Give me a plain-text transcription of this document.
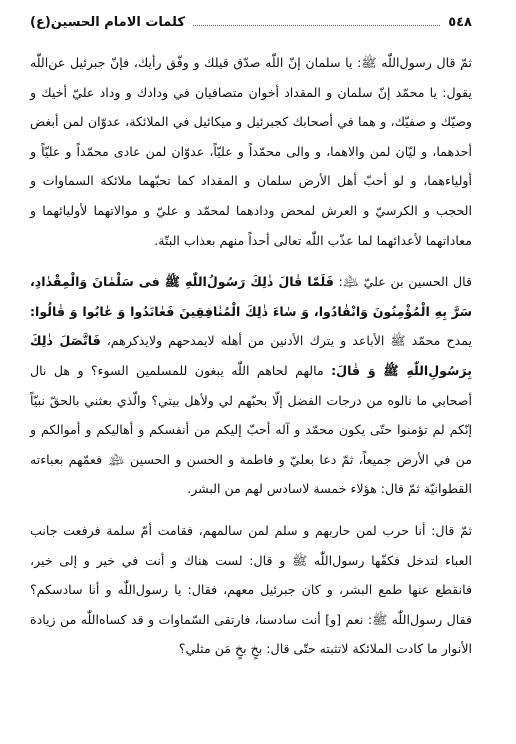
٥٤٨
كلمات الامام الحسين(ع)

ثمّ قال رسول‌اللّٰه ﷺ: يا سلمان إنّ اللّٰه صدّق قيلك و وفّق رأيك، فإنّ جبرئيل عن‌اللّٰه يقول: يا محمّد إنّ سلمان و المقداد أخوان متصافيان في ودادك و وداد عليّ أخيك و وصيّك و صفيّك، و هما في أصحابك كجبرئيل و ميكائيل في الملائكة، عدوّان لمن أبغض أحدهما، و ليّان لمن والاهما، و والى محمّداً و عليّاً، عدوّان لمن عادى محمّداً و عليّاً و أولياءهما، و لو أحبّ أهل الأرض سلمان و المقداد كما تحبّهما ملائكة السماوات و الحجب و الكرسيّ و العرش لمحض ودادهما لمحمّد و عليّ و موالاتهما لأوليائهما و معاداتهما لأعدائهما لما عذّب اللّٰه تعالى أحداً منهم بعذاب البتّة.

قال الحسين بن عليّ ﵇: فَلَمّٰا قٰالَ ذٰلِكَ رَسُولُ‌اللّٰهِ ﷺ فى سَلْمٰانَ وَالْمِقْدٰادِ، سَرَّ بِهِ الْمُؤْمِنُونَ وَانْقٰادُوا، وَ سٰاءَ ذٰلِكَ الْمُنٰافِقِينَ فَعٰانَدُوا وَ عٰابُوا وَ قٰالُوا: يمدح محمّد ﷺ الأباعد و يترك الأدنين من أهله لايمدحهم ولايذكرهم، فَاتَّصَلَ ذٰلِكَ بِرَسُولِ‌اللّٰهِ ﷺ وَ قٰالَ: مالهم لحاهم اللّٰه يبغون للمسلمين السوء؟ و هل نال أصحابي ما نالوه من درجات الفضل إلّا بحبّهم لي ولأهل بيتي؟ والّذي بعثني بالحقّ نبيّاً إنّكم لم تؤمنوا حتّى يكون محمّد و آله أحبّ إليكم من أنفسكم و أهاليكم و أموالكم و من في الأرض جميعاً، ثمّ دعا بعليّ و فاطمة و الحسن و الحسين ﵈ فعمّهم بعباءته القطوانيّة ثمّ قال: هؤلاء خمسة لاسادس لهم من البشر.

ثمّ قال: أنا حرب لمن حاربهم و سلم لمن سالمهم، فقامت أمّ سلمة فرفعت جانب العباء لتدخل فكفّها رسول‌اللّٰه ﷺ و قال: لست هناك و أنت في خير و إلى خير، فانقطع عنها طمع البشر، و كان جبرئيل معهم، فقال: يا رسول‌اللّٰه و أنا سادسكم؟ فقال رسول‌اللّٰه ﷺ: نعم [و] أنت سادسنا، فارتقى السّماوات و قد كساه‌اللّٰه من زيادة الأنوار ما كادت الملائكة لاتثبته حتّى قال: بخٍ بخٍ مَن مثلي؟
